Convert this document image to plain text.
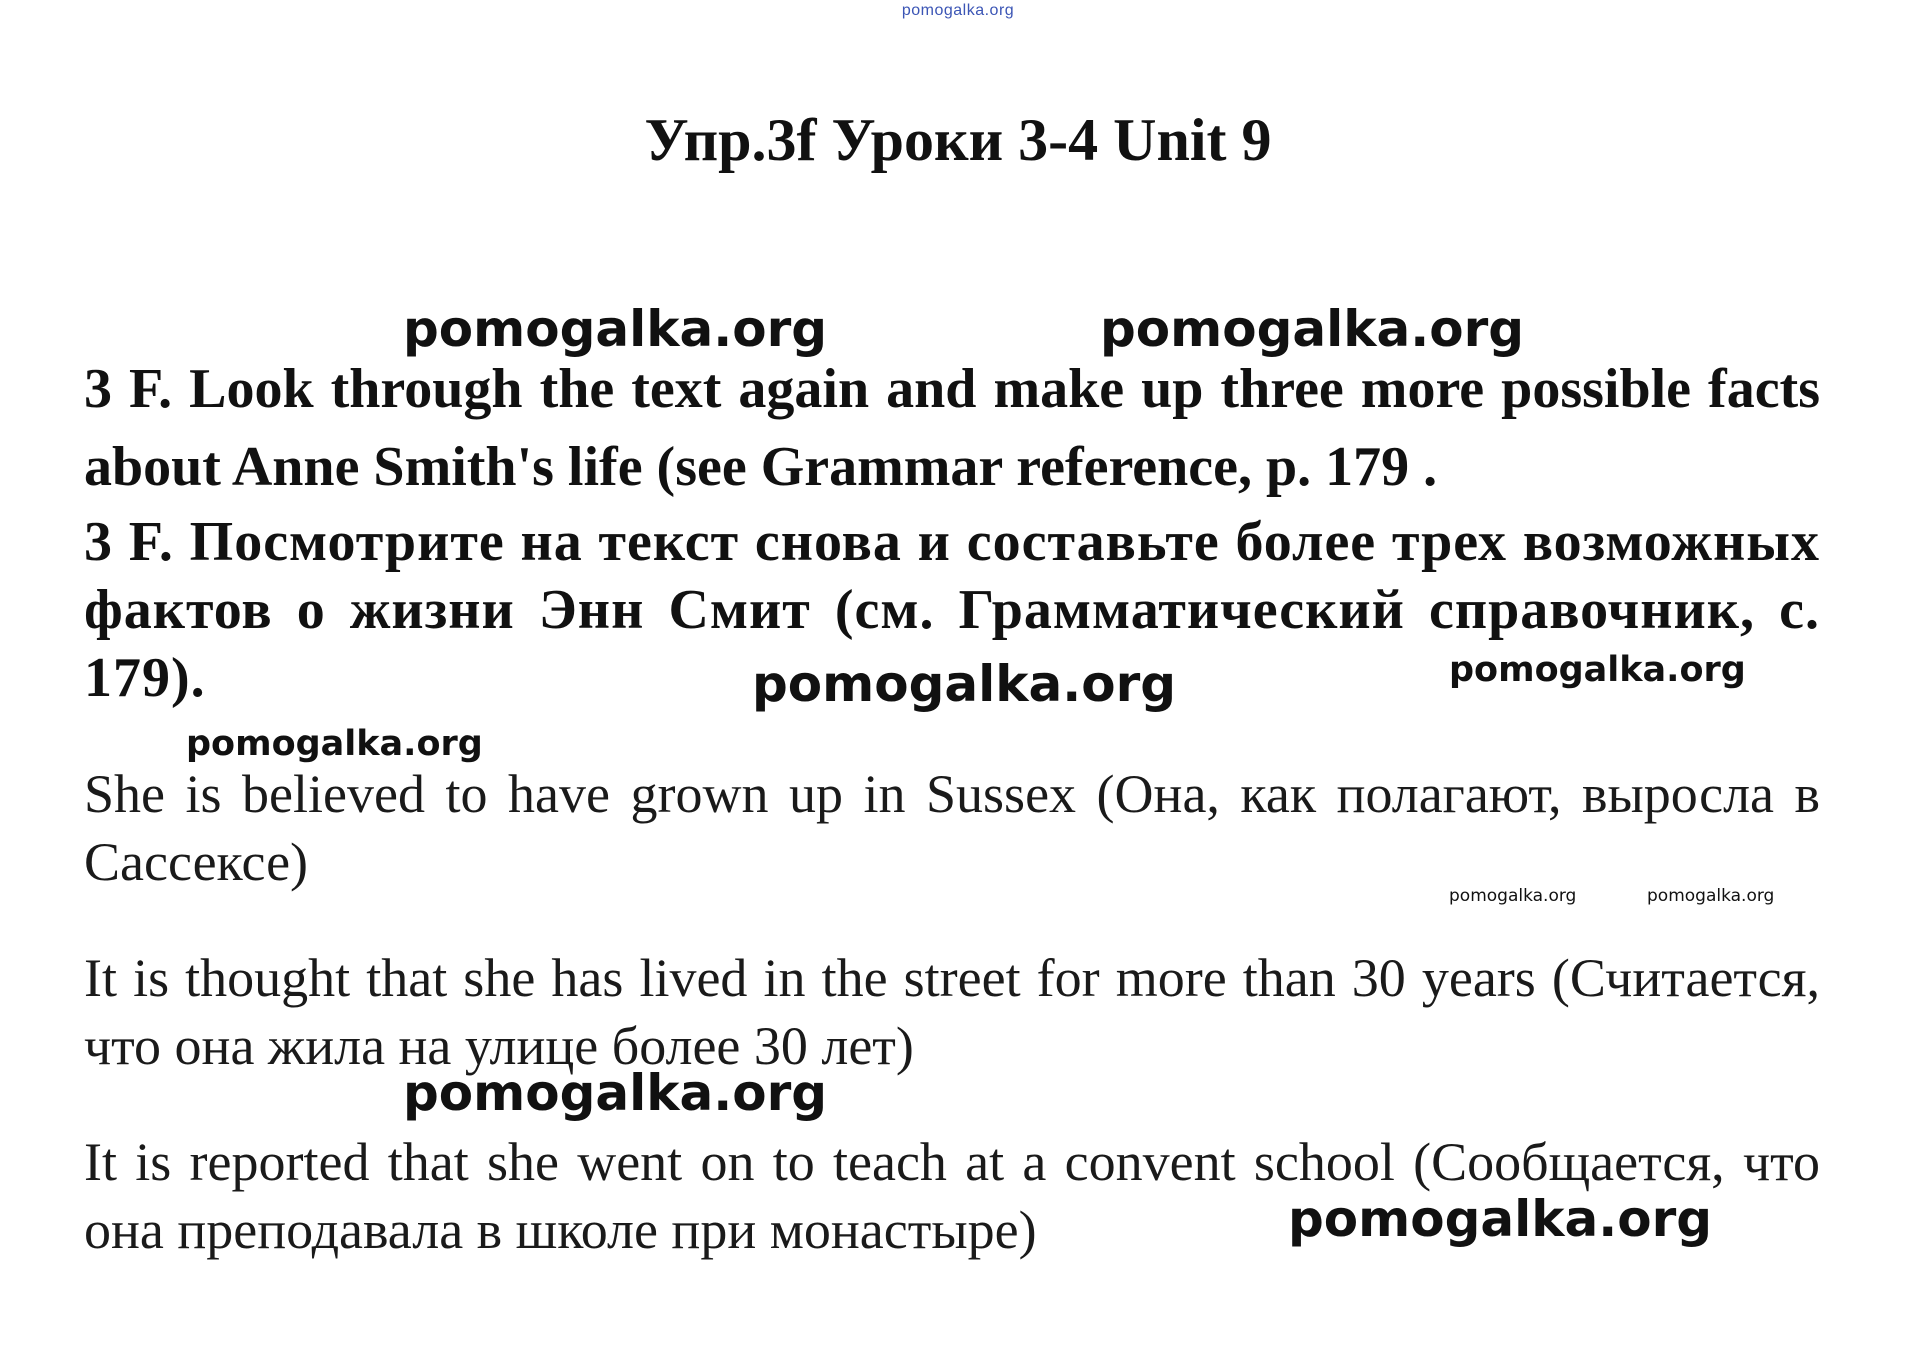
pomogalka.org
Упр.3f Уроки 3-4 Unit 9
pomogalka.org	pomogalka.org
3 F. Look through the text again and make up three more possible facts about Anne Smith's life (see Grammar reference, p. 179 .
3 F. Посмотрите на текст снова и составьте более трех возможных фактов о жизни Энн Смит (см. Грамматический справочник, с. 179).	pomogalka.org	pomogalka.org
pomogalka.org
She is believed to have grown up in Sussex (Она, как полагают, выросла в Сассексе)
pomogalka.org	pomogalka.org
It is thought that she has lived in the street for more than 30 years (Считается, что она жила на улице более 30 лет)
pomogalka.org
It is reported that she went on to teach at a convent school (Сообщается, что она преподавала в школе при монастыре)	pomogalka.org
